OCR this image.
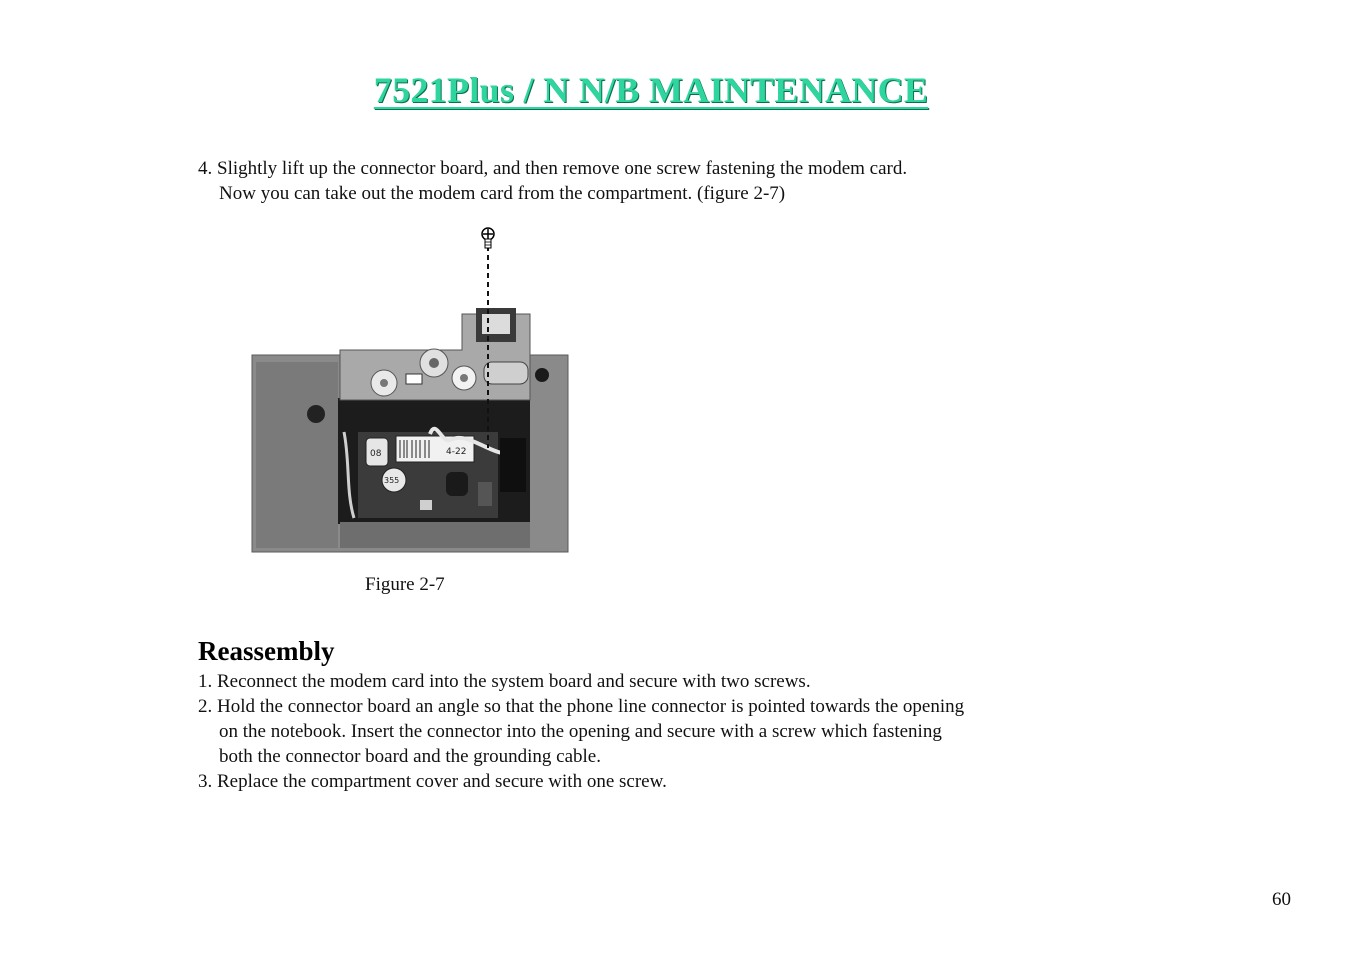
7521Plus / N N/B MAINTENANCE
4. Slightly lift up the connector board, and then remove one screw fastening the modem card.
Now you can take out the modem card from the compartment. (figure 2-7)
08	4-22
355
Figure 2-7
Reassembly
1. Reconnect the modem card into the system board and secure with two screws.
2. Hold the connector board an angle so that the phone line connector is pointed towards the opening
on the notebook. Insert the connector into the opening and secure with a screw which fastening
both the connector board and the grounding cable.
3. Replace the compartment cover and secure with one screw.
60
